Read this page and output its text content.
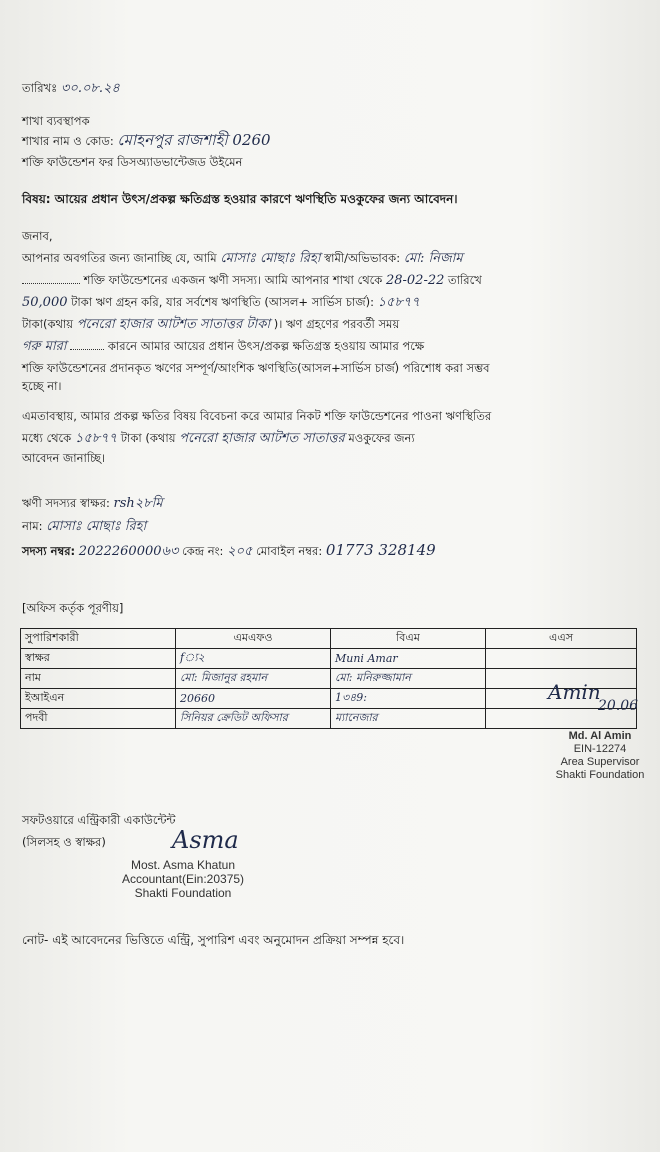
তারিখঃ ৩০.০৮.২৪
শাখা ব্যবস্থাপক
শাখার নাম ও কোড: মোহনপুর রাজশাহী 0260
শক্তি ফাউন্ডেশন ফর ডিসঅ্যাডভান্টেজড উইমেন
বিষয়: আয়ের প্রধান উৎস/প্রকল্প ক্ষতিগ্রস্ত হওয়ার কারণে ঋণস্থিতি মওকুফের জন্য আবেদন।
জনাব,
আপনার অবগতির জন্য জানাচ্ছি যে, আমি মোসাঃ মোছাঃ রিহা স্বামী/অভিভাবক: মো: নিজাম
শক্তি ফাউন্ডেশনের একজন ঋণী সদস্য। আমি আপনার শাখা থেকে 28-02-22 তারিখে
50,000 টাকা ঋণ গ্রহন করি, যার সর্বশেষ ঋণস্থিতি (আসল+ সার্ভিস চার্জ): ১৫৮৭৭
টাকা(কথায় পনেরো হাজার আটশত সাতাত্তর টাকা )। ঋণ গ্রহণের পরবর্তী সময়
গরু মারা	কারনে আমার আয়ের প্রধান উৎস/প্রকল্প ক্ষতিগ্রস্ত হওয়ায় আমার পক্ষে
শক্তি ফাউন্ডেশনের প্রদানকৃত ঋণের সম্পূর্ণ/আংশিক ঋণস্থিতি(আসল+সার্ভিস চার্জ) পরিশোধ করা সম্ভব
হচ্ছে না।
এমতাবস্থায়, আমার প্রকল্প ক্ষতির বিষয় বিবেচনা করে আমার নিকট শক্তি ফাউন্ডেশনের পাওনা ঋণস্থিতির
মধ্যে থেকে ১৫৮৭৭ টাকা (কথায় পনেরো হাজার আটশত সাতাত্তর মওকুফের জন্য
আবেদন জানাচ্ছি।
ঋণী সদস্যর স্বাক্ষর: rsh২৮মি
নাম: মোসাঃ মোছাঃ রিহা
সদস্য নম্বর: 2022260000৬৩ কেন্দ্র নং: ২০৫ মোবাইল নম্বর: 01773 328149
[অফিস কর্তৃক পূরণীয়]
সুপারিশকারী	এমএফও	বিএম	এএস
স্বাক্ষর	f্য২	Muni Amar	
নাম	মো: মিজানুর রহমান	মো: মনিরুজ্জামান	
ইআইএন	20660	1৩৪9:	
পদবী	সিনিয়র ক্রেডিট অফিসার	ম্যানেজার	
Amin
20.06
Md. Al Amin
EIN-12274
Area Supervisor
Shakti Foundation
সফটওয়ারে এন্ট্রিকারী একাউন্টেন্ট
(সিলসহ ও স্বাক্ষর)	Asma
Most. Asma Khatun
Accountant(Ein:20375)
Shakti Foundation
নোট- এই আবেদনের ভিত্তিতে এন্ট্রি, সুপারিশ এবং অনুমোদন প্রক্রিয়া সম্পন্ন হবে।
